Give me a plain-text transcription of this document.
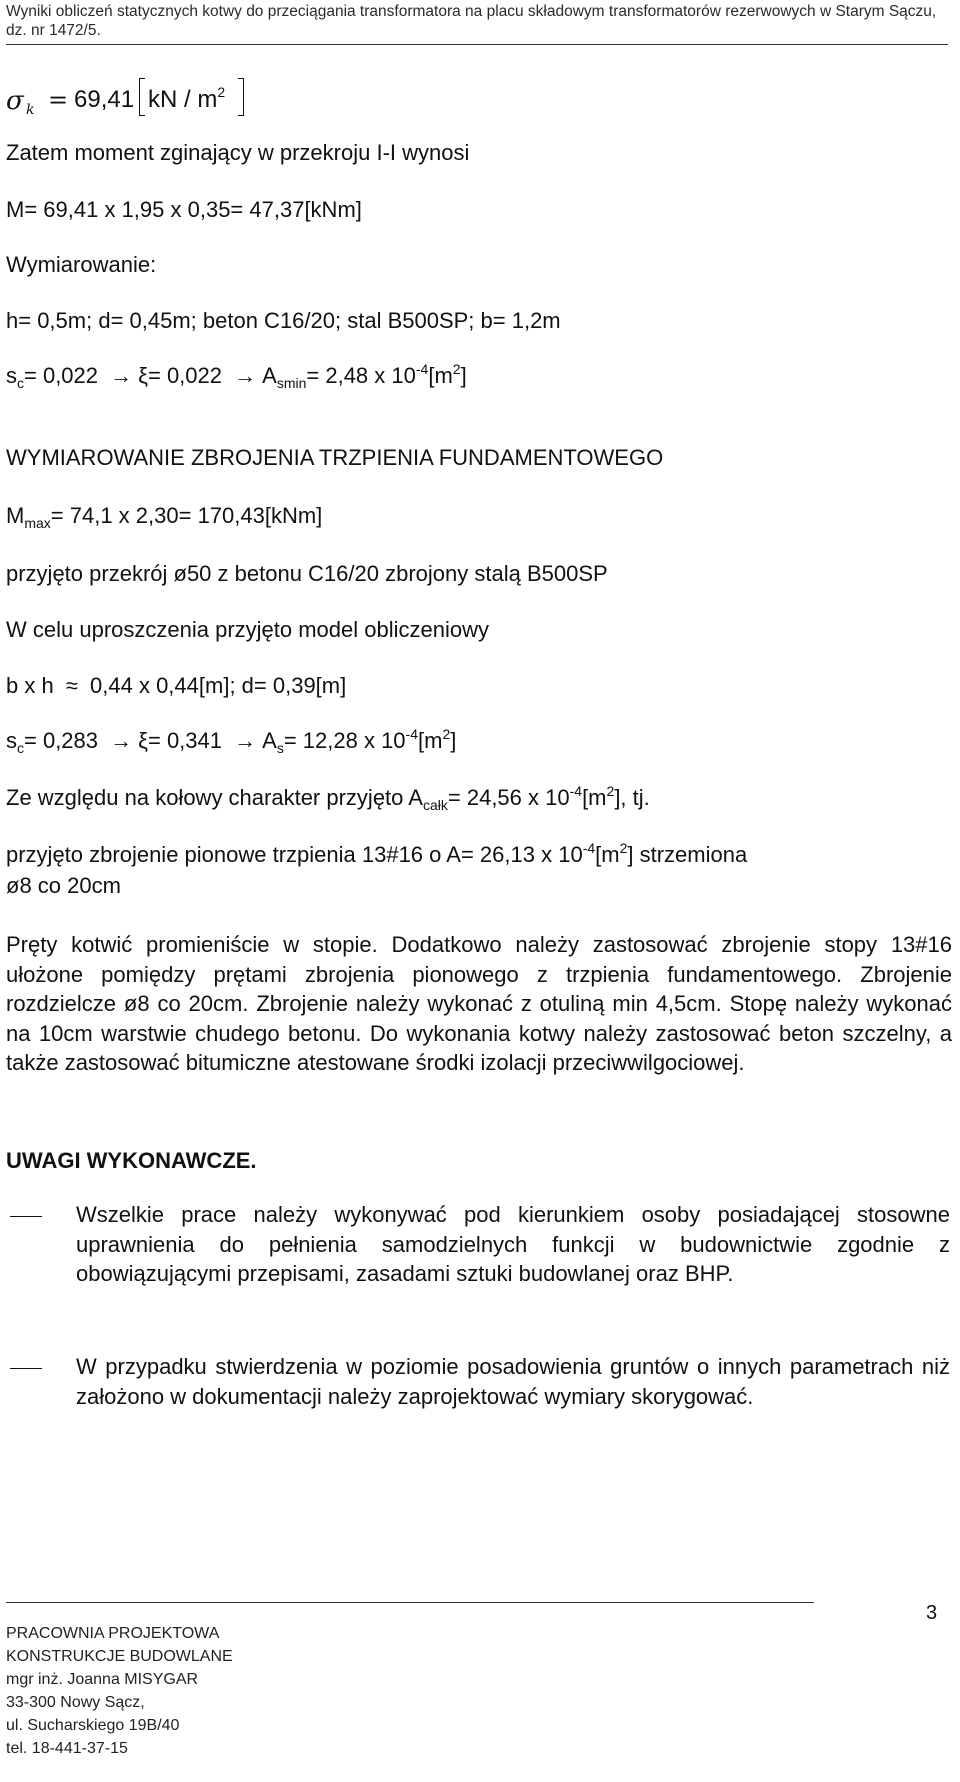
Wyniki obliczeń statycznych kotwy do przeciągania transformatora na placu składowym transformatorów rezerwowych w Starym Sączu, dz. nr 1472/5.
σ k = 69,41 kN / $m^2$
Zatem moment zginający w przekroju I-I wynosi
M= 69,41 x 1,95 x 0,35= 47,37[kNm]
Wymiarowanie:
h= 0,5m; d= 0,45m; beton C16/20; stal B500SP; b= 1,2m
$s_c= 0,022 \to \xi= 0,022 \to A_{smin}= 2,48$ x $10^{-4}[m^2]$
WYMIAROWANIE ZBROJENIA TRZPIENIA FUNDAMENTOWEGO
$M_{max}= 74,1$ x 2,30= 170,43[kNm]
przyjęto przekrój ø50 z betonu C16/20 zbrojony stalą B500SP
W celu uproszczenia przyjęto model obliczeniowy
b x h ≈ 0,44 x 0,44[m]; d= 0,39[m]
$s_c= 0,283 \to \xi= 0,341 \to A_s= 12,28$ x $10^{-4}[m^2]$
Ze względu na kołowy charakter przyjęto $A_{całk}= 24,56$ x $10^{-4}[m^2]$, tj.
przyjęto zbrojenie pionowe trzpienia 13#16 o A= 26,13 x $10^{-4}[m^2]$ strzemiona
ø8 co 20cm
Pręty kotwić promieniście w stopie. Dodatkowo należy zastosować zbrojenie stopy 13#16 ułożone pomiędzy prętami zbrojenia pionowego z trzpienia fundamentowego. Zbrojenie rozdzielcze ø8 co 20cm. Zbrojenie należy wykonać z otuliną min 4,5cm. Stopę należy wykonać na 10cm warstwie chudego betonu. Do wykonania kotwy należy zastosować beton szczelny, a także zastosować bitumiczne atestowane środki izolacji przeciwwilgociowej.
UWAGI WYKONAWCZE.
Wszelkie prace należy wykonywać pod kierunkiem osoby posiadającej stosowne uprawnienia do pełnienia samodzielnych funkcji w budownictwie zgodnie z obowiązującymi przepisami, zasadami sztuki budowlanej oraz BHP.
W przypadku stwierdzenia w poziomie posadowienia gruntów o innych parametrach niż założono w dokumentacji należy zaprojektować wymiary skorygować.
3
PRACOWNIA PROJEKTOWA
KONSTRUKCJE BUDOWLANE
mgr inż. Joanna MISYGAR
33-300 Nowy Sącz,
ul. Sucharskiego 19B/40
tel. 18-441-37-15
